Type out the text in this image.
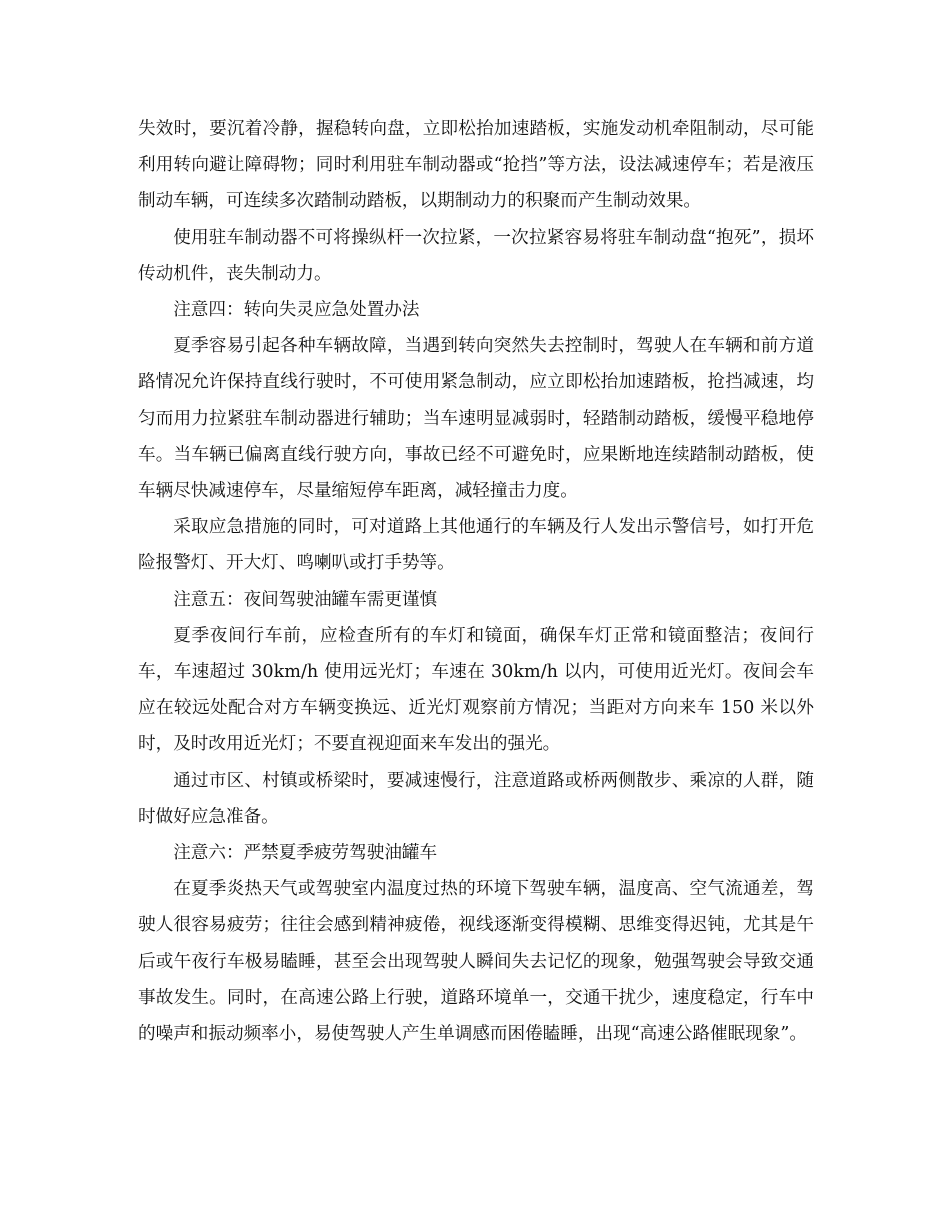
失效时，要沉着冷静，握稳转向盘，立即松抬加速踏板，实施发动机牵阻制动，尽可能利用转向避让障碍物；同时利用驻车制动器或“抢挡”等方法，设法减速停车；若是液压制动车辆，可连续多次踏制动踏板，以期制动力的积聚而产生制动效果。

使用驻车制动器不可将操纵杆一次拉紧，一次拉紧容易将驻车制动盘“抱死”，损坏传动机件，丧失制动力。

注意四：转向失灵应急处置办法

夏季容易引起各种车辆故障，当遇到转向突然失去控制时，驾驶人在车辆和前方道路情况允许保持直线行驶时，不可使用紧急制动，应立即松抬加速踏板，抢挡减速，均匀而用力拉紧驻车制动器进行辅助；当车速明显减弱时，轻踏制动踏板，缓慢平稳地停车。当车辆已偏离直线行驶方向，事故已经不可避免时，应果断地连续踏制动踏板，使车辆尽快减速停车，尽量缩短停车距离，减轻撞击力度。

采取应急措施的同时，可对道路上其他通行的车辆及行人发出示警信号，如打开危险报警灯、开大灯、鸣喇叭或打手势等。

注意五：夜间驾驶油罐车需更谨慎

夏季夜间行车前，应检查所有的车灯和镜面，确保车灯正常和镜面整洁；夜间行车，车速超过 30km/h 使用远光灯；车速在 30km/h 以内，可使用近光灯。夜间会车应在较远处配合对方车辆变换远、近光灯观察前方情况；当距对方向来车 150 米以外时，及时改用近光灯；不要直视迎面来车发出的强光。

通过市区、村镇或桥梁时，要减速慢行，注意道路或桥两侧散步、乘凉的人群，随时做好应急准备。

注意六：严禁夏季疲劳驾驶油罐车

在夏季炎热天气或驾驶室内温度过热的环境下驾驶车辆，温度高、空气流通差，驾驶人很容易疲劳；往往会感到精神疲倦，视线逐渐变得模糊、思维变得迟钝，尤其是午后或午夜行车极易瞌睡，甚至会出现驾驶人瞬间失去记忆的现象，勉强驾驶会导致交通事故发生。同时，在高速公路上行驶，道路环境单一，交通干扰少，速度稳定，行车中的噪声和振动频率小，易使驾驶人产生单调感而困倦瞌睡，出现“高速公路催眠现象”。
